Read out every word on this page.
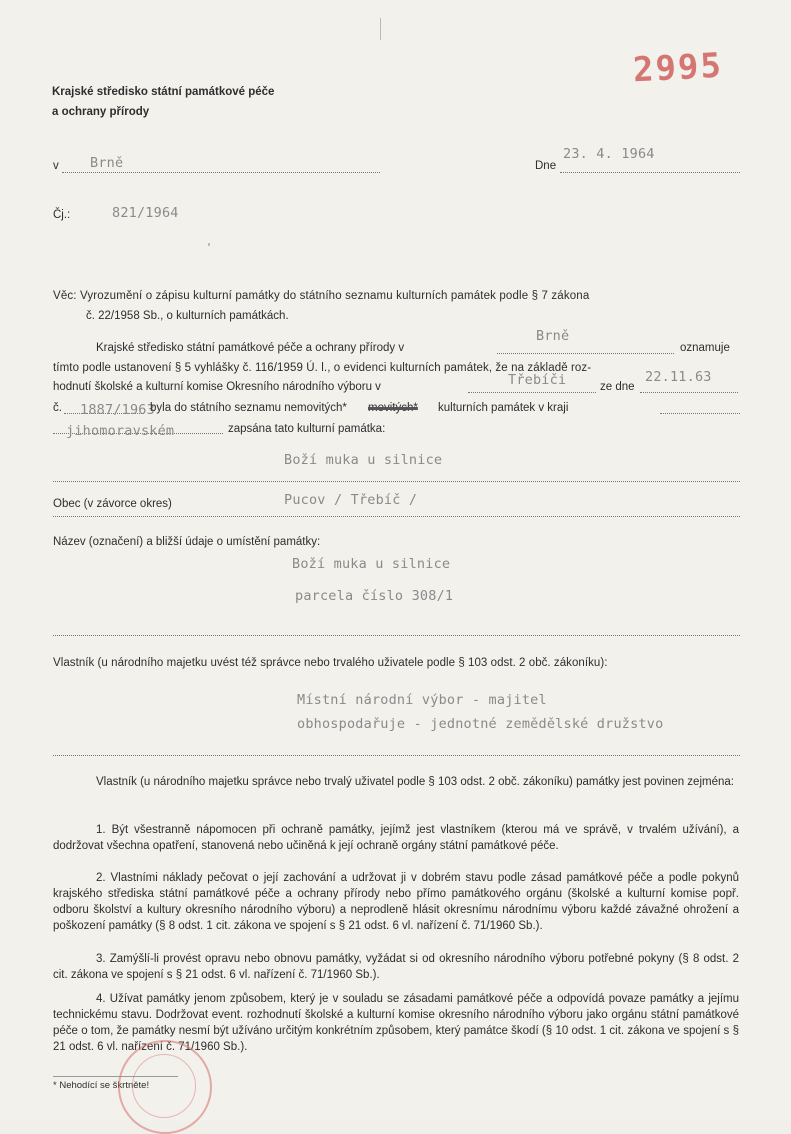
2995
Krajské středisko státní památkové péče
a ochrany přírody
v Brně	Dne
23. 4. 1964
Čj.:	821/1964
Věc: Vyrozumění o zápisu kulturní památky do státního seznamu kulturních památek podle § 7 zákona
č. 22/1958 Sb., o kulturních památkách.
Krajské středisko státní památkové péče a ochrany přírody v
Brně
oznamuje
tímto podle ustanovení § 5 vyhlášky č. 116/1959 Ú. l., o evidenci kulturních památek, že na základě roz-
hodnutí školské a kulturní komise Okresního národního výboru v	Třebíči	ze dne
22.11.63
č. 1887/1963
byla do státního seznamu nemovitých* movitých* kulturních památek v kraji
jihomoravském	zapsána tato kulturní památka:
Boží muka u silnice
Obec (v závorce okres)	Pucov / Třebíč /
Název (označení) a bližší údaje o umístění památky:
Boží muka u silnice
parcela číslo 308/1
Vlastník (u národního majetku uvést též správce nebo trvalého uživatele podle § 103 odst. 2 obč. zákoníku):
Místní národní výbor - majitel
obhospodařuje - jednotné zemědělské družstvo
Vlastník (u národního majetku správce nebo trvalý uživatel podle § 103 odst. 2 obč. zákoníku) památky jest povinen zejména:
1. Být všestranně nápomocen při ochraně památky, jejímž jest vlastníkem (kterou má ve správě, v trvalém užívání), a dodržovat všechna opatření, stanovená nebo učiněná k její ochraně orgány státní památkové péče.
2. Vlastními náklady pečovat o její zachování a udržovat ji v dobrém stavu podle zásad památkové péče a podle pokynů krajského střediska státní památkové péče a ochrany přírody nebo přímo památkového orgánu (školské a kulturní komise popř. odboru školství a kultury okresního národního výboru) a neprodleně hlásit okresnímu národnímu výboru každé závažné ohrožení a poškození památky (§ 8 odst. 1 cit. zákona ve spojení s § 21 odst. 6 vl. nařízení č. 71/1960 Sb.).
3. Zamýšlí-li provést opravu nebo obnovu památky, vyžádat si od okresního národního výboru potřebné pokyny (§ 8 odst. 2 cit. zákona ve spojení s § 21 odst. 6 vl. nařízení č. 71/1960 Sb.).
4. Užívat památky jenom způsobem, který je v souladu se zásadami památkové péče a odpovídá povaze památky a jejímu technickému stavu. Dodržovat event. rozhodnutí školské a kulturní komise okresního národního výboru jako orgánu státní památkové péče o tom, že památky nesmí být užíváno určitým konkrétním způsobem, který památce škodí (§ 10 odst. 1 cit. zákona ve spojení s § 21 odst. 6 vl. nařízení č. 71/1960 Sb.).
* Nehodící se škrtněte!
